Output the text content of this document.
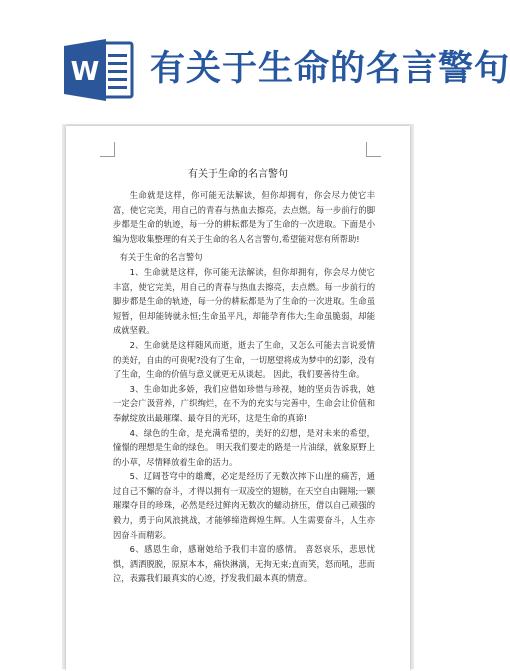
W 有关于生命的名言警句
有关于生命的名言警句

生命就是这样，你可能无法解读，但你却拥有，你会尽力使它丰富，使它完美，用自己的青春与热血去擦亮，去点燃。每一步前行的脚步都是生命的轨迹，每一分的耕耘都是为了生命的一次进取。下面是小编为您收集整理的有关于生命的名人名言警句,希望能对您有所帮助!

有关于生命的名言警句

1、生命就是这样，你可能无法解读，但你却拥有，你会尽力使它丰富，使它完美，用自己的青春与热血去擦亮，去点燃。每一步前行的脚步都是生命的轨迹，每一分的耕耘都是为了生命的一次进取。生命虽短暂，但却能铸就永恒;生命虽平凡，却能孕育伟大;生命虽脆弱，却能成就坚毅。

2、生命就是这样随风而逝，逝去了生命，又怎么可能去言说爱情的美好，自由的可贵呢?没有了生命，一切愿望将成为梦中的幻影，没有了生命，生命的价值与意义就更无从谈起。 因此，我们要善待生命。

3、生命如此多娇，我们应借如珍惜与珍视，她的坚贞告诉我，她一定会广汲营养，广织绚烂，在不为的充实与完善中，生命会让价值和奉献绽放出最璀璨、最夺目的光环，这是生命的真谛!

4、绿色的生命，是充满希望的，美好的幻想，是对未来的希望，憧憬的理想是生命的绿色。 明天我们要走的路是一片油绿，就象原野上的小草，尽情释放着生命的活力。

5、辽阔苍穹中的雄鹰，必定是经历了无数次摔下山崖的痛苦，通过自己不懈的奋斗，才得以拥有一双凌空的翅膀，在天空自由翱翔;一颗璀璨夺目的珍珠，必然是经过鲜肉无数次的蠕动挤压，借以自己顽强的毅力，勇于向风浪挑战，才能够缔造辉煌生辉。人生需要奋斗，人生亦因奋斗而精彩。

6、感恩生命，感谢她给予我们丰富的感情。 喜怒哀乐，悲思忧惧，洒洒脱脱，原原本本，痛快淋漓，无拘无束;直而笑，怒而吼，悲而泣，表露我们最真实的心迹，抒发我们最本真的情意。
